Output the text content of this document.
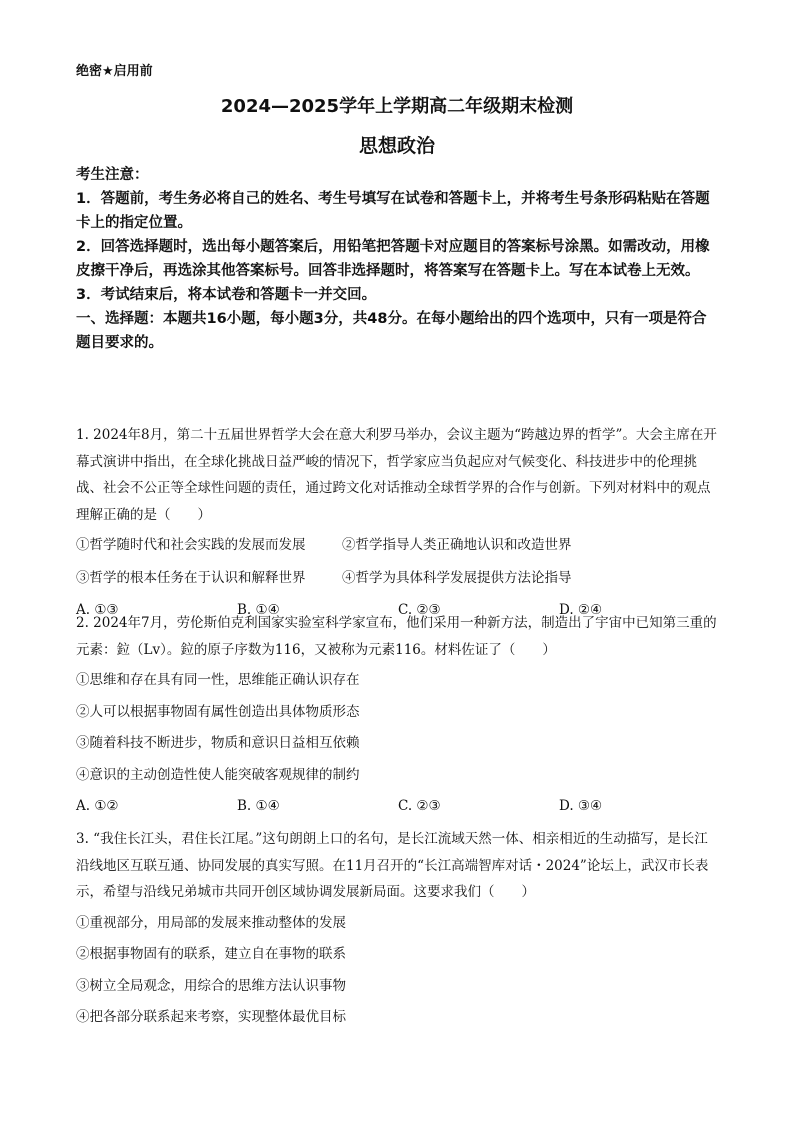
绝密★启用前
2024—2025学年上学期高二年级期末检测
思想政治

考生注意：

1．答题前，考生务必将自己的姓名、考生号填写在试卷和答题卡上，并将考生号条形码粘贴在答题卡上的指定位置。

2．回答选择题时，选出每小题答案后，用铅笔把答题卡对应题目的答案标号涂黑。如需改动，用橡皮擦干净后，再选涂其他答案标号。回答非选择题时，将答案写在答题卡上。写在本试卷上无效。

3．考试结束后，将本试卷和答题卡一并交回。

一、选择题：本题共16小题，每小题3分，共48分。在每小题给出的四个选项中，只有一项是符合题目要求的。

1. 2024年8月，第二十五届世界哲学大会在意大利罗马举办，会议主题为“跨越边界的哲学”。大会主席在开幕式演讲中指出，在全球化挑战日益严峻的情况下，哲学家应当负起应对气候变化、科技进步中的伦理挑战、社会不公正等全球性问题的责任，通过跨文化对话推动全球哲学界的合作与创新。下列对材料中的观点理解正确的是（　　）

①哲学随时代和社会实践的发展而发展	②哲学指导人类正确地认识和改造世界

③哲学的根本任务在于认识和解释世界	④哲学为具体科学发展提供方法论指导

A. ①③	B. ①④	C. ②③	D. ②④

2. 2024年7月，劳伦斯伯克利国家实验室科学家宣布，他们采用一种新方法，制造出了宇宙中已知第三重的元素：鉝（Lv）。鉝的原子序数为116，又被称为元素116。材料佐证了（　　）

①思维和存在具有同一性，思维能正确认识存在

②人可以根据事物固有属性创造出具体物质形态

③随着科技不断进步，物质和意识日益相互依赖

④意识的主动创造性使人能突破客观规律的制约

A. ①②	B. ①④	C. ②③	D. ③④

3. “我住长江头，君住长江尾。”这句朗朗上口的名句，是长江流域天然一体、相亲相近的生动描写，是长江沿线地区互联互通、协同发展的真实写照。在11月召开的“长江高端智库对话・2024”论坛上，武汉市长表示，希望与沿线兄弟城市共同开创区域协调发展新局面。这要求我们（　　）

①重视部分，用局部的发展来推动整体的发展

②根据事物固有的联系，建立自在事物的联系

③树立全局观念，用综合的思维方法认识事物

④把各部分联系起来考察，实现整体最优目标
